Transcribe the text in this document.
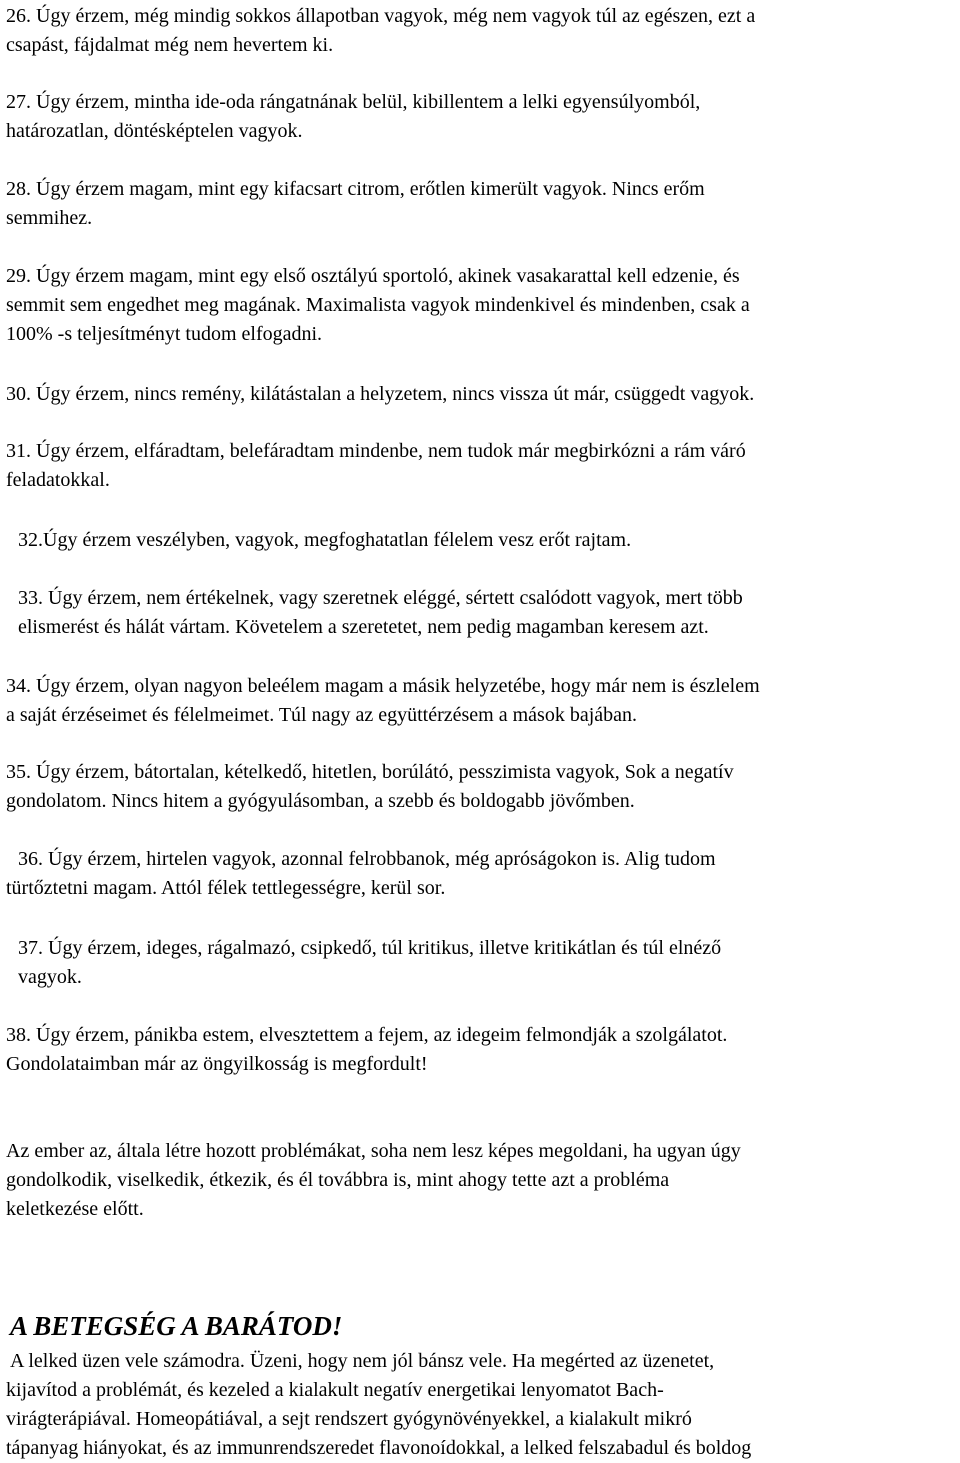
26. Úgy érzem, még mindig sokkos állapotban vagyok, még nem vagyok túl az egészen, ezt a
csapást, fájdalmat még nem hevertem ki.

27. Úgy érzem, mintha ide-oda rángatnának belül, kibillentem a lelki egyensúlyomból,
határozatlan, döntésképtelen vagyok.

28. Úgy érzem magam, mint egy kifacsart citrom, erőtlen kimerült vagyok. Nincs erőm
semmihez.

29. Úgy érzem magam, mint egy első osztályú sportoló, akinek vasakarattal kell edzenie, és
semmit sem engedhet meg magának. Maximalista vagyok mindenkivel és mindenben, csak a
100% -s teljesítményt tudom elfogadni.

30. Úgy érzem, nincs remény, kilátástalan a helyzetem, nincs vissza út már, csüggedt vagyok.

31. Úgy érzem, elfáradtam, belefáradtam mindenbe, nem tudok már megbirkózni a rám váró
feladatokkal.

32.Úgy érzem veszélyben, vagyok, megfoghatatlan félelem vesz erőt rajtam.

33. Úgy érzem, nem értékelnek, vagy szeretnek eléggé, sértett csalódott vagyok, mert több
elismerést és hálát vártam. Követelem a szeretetet, nem pedig magamban keresem azt.

34. Úgy érzem, olyan nagyon beleélem magam a másik helyzetébe, hogy már nem is észlelem
a saját érzéseimet és félelmeimet. Túl nagy az együttérzésem a mások bajában.

35. Úgy érzem, bátortalan, kételkedő, hitetlen, borúlátó, pesszimista vagyok, Sok a negatív
gondolatom. Nincs hitem a gyógyulásomban, a szebb és boldogabb jövőmben.

36. Úgy érzem, hirtelen vagyok, azonnal felrobbanok, még apróságokon is. Alig tudom
türtőztetni magam. Attól félek tettlegességre, kerül sor.

37. Úgy érzem, ideges, rágalmazó, csipkedő, túl kritikus, illetve kritikátlan és túl elnéző
vagyok.

38. Úgy érzem, pánikba estem, elvesztettem a fejem, az idegeim felmondják a szolgálatot.
Gondolataimban már az öngyilkosság is megfordult!

Az ember az, általa létre hozott problémákat, soha nem lesz képes megoldani, ha ugyan úgy
gondolkodik, viselkedik, étkezik, és él továbbra is, mint ahogy tette azt a probléma
keletkezése előtt.

A BETEGSÉG A BARÁTOD!

A lelked üzen vele számodra. Üzeni, hogy nem jól bánsz vele. Ha megérted az üzenetet,
kijavítod a problémát, és kezeled a kialakult negatív energetikai lenyomatot Bach-
virágterápiával. Homeopátiával, a sejt rendszert gyógynövényekkel, a kialakult mikró
tápanyag hiányokat, és az immunrendszeredet flavonoídokkal, a lelked felszabadul és boldog
